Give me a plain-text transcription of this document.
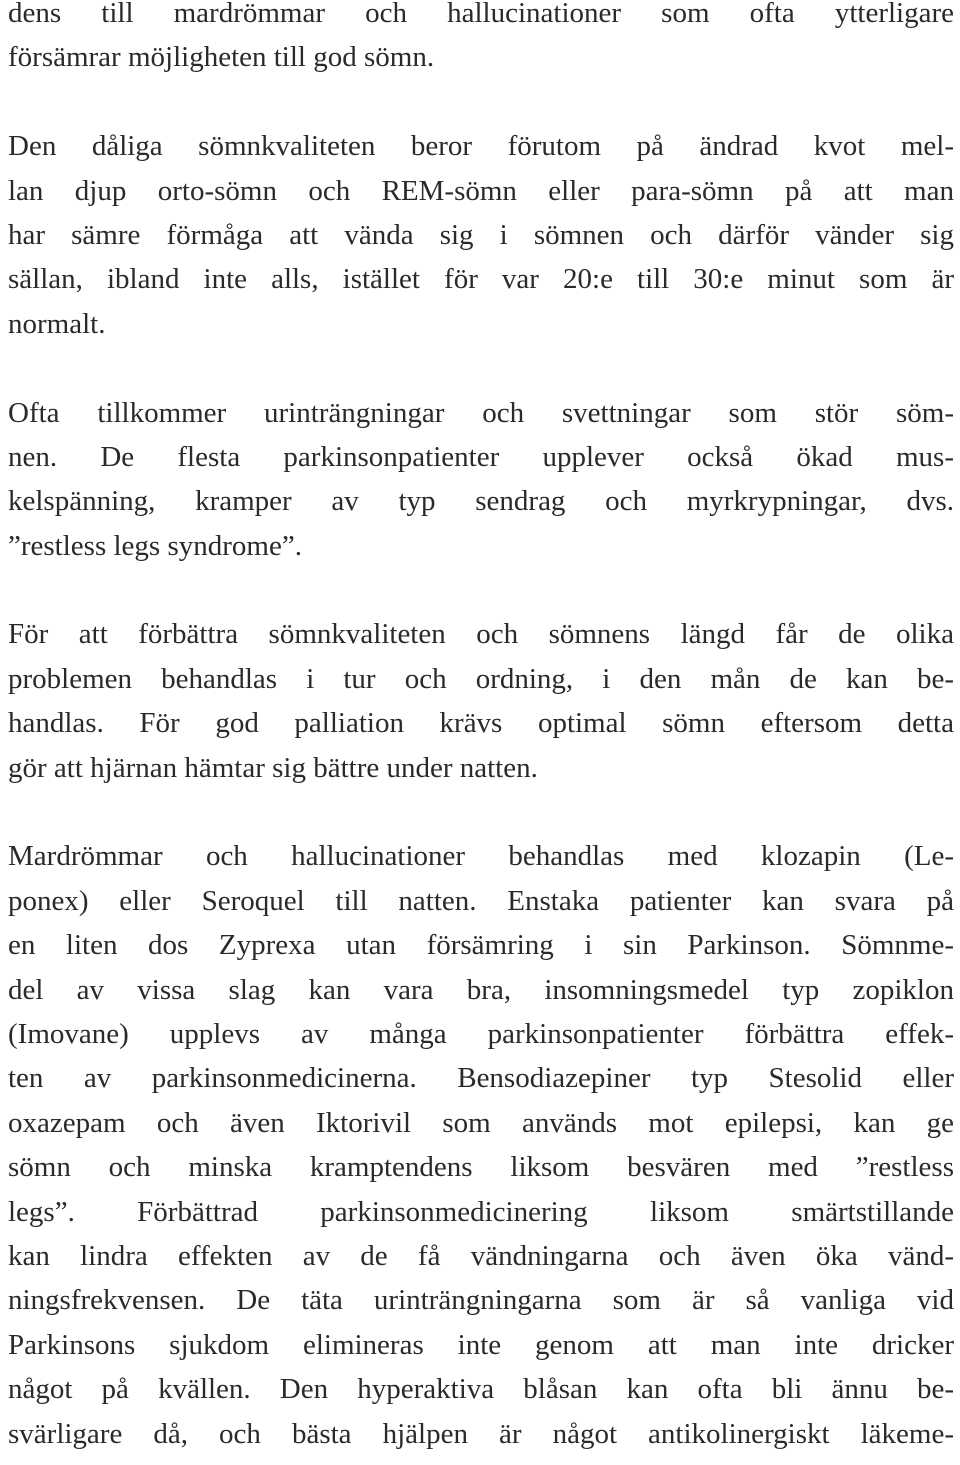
dens till mardrömmar och hallucinationer som ofta ytterligare
försämrar möjligheten till god sömn.
Den dåliga sömnkvaliteten beror förutom på ändrad kvot mel-
lan djup orto-sömn och REM-sömn eller para-sömn på att man
har sämre förmåga att vända sig i sömnen och därför vänder sig
sällan, ibland inte alls, istället för var 20:e till 30:e minut som är
normalt.
Ofta tillkommer urinträngningar och svettningar som stör söm-
nen. De flesta parkinsonpatienter upplever också ökad mus-
kelspänning, kramper av typ sendrag och myrkrypningar, dvs.
”restless legs syndrome”.
För att förbättra sömnkvaliteten och sömnens längd får de olika
problemen behandlas i tur och ordning, i den mån de kan be-
handlas. För god palliation krävs optimal sömn eftersom detta
gör att hjärnan hämtar sig bättre under natten.
Mardrömmar och hallucinationer behandlas med klozapin (Le-
ponex) eller Seroquel till natten. Enstaka patienter kan svara på
en liten dos Zyprexa utan försämring i sin Parkinson. Sömnme-
del av vissa slag kan vara bra, insomningsmedel typ zopiklon
(Imovane) upplevs av många parkinsonpatienter förbättra effek-
ten av parkinsonmedicinerna. Bensodiazepiner typ Stesolid eller
oxazepam och även Iktorivil som används mot epilepsi, kan ge
sömn och minska kramptendens liksom besvären med ”restless
legs”. Förbättrad parkinsonmedicinering liksom smärtstillande
kan lindra effekten av de få vändningarna och även öka vänd-
ningsfrekvensen. De täta urinträngningarna som är så vanliga vid
Parkinsons sjukdom elimineras inte genom att man inte dricker
något på kvällen. Den hyperaktiva blåsan kan ofta bli ännu be-
svärligare då, och bästa hjälpen är något antikolinergiskt läkeme-
